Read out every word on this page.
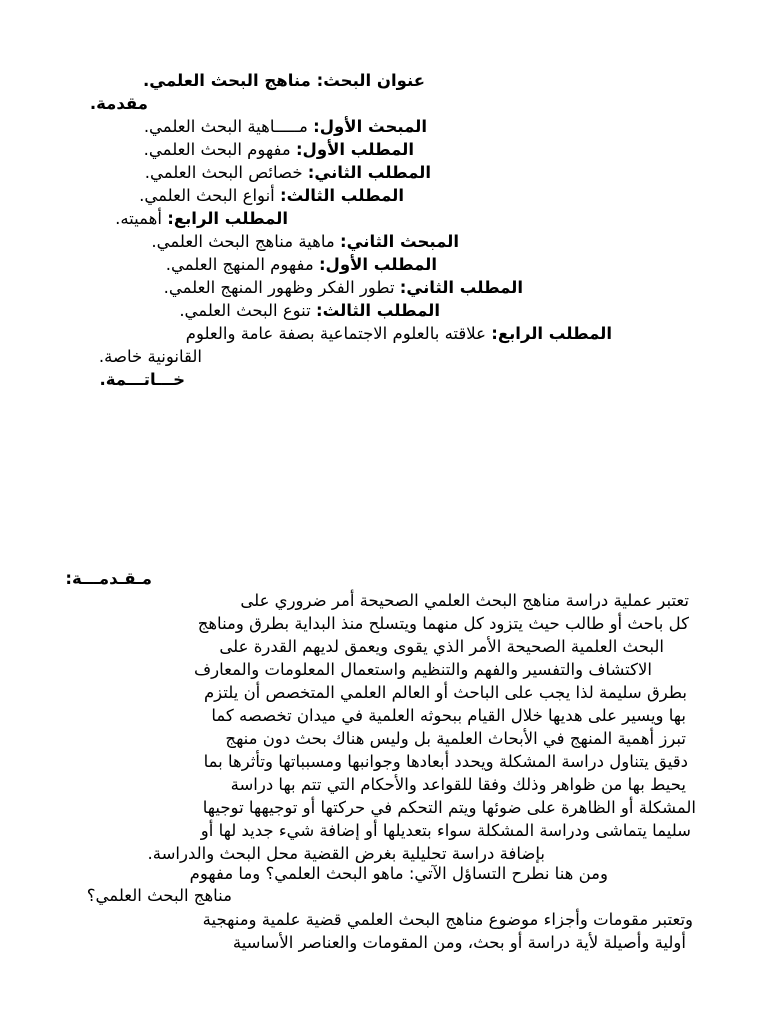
عنوان البحث: مناهج البحث العلمي.
مقدمة.
المبحث الأول: مـــــاهية البحث العلمي.
المطلب الأول: مفهوم البحث العلمي.
المطلب الثاني: خصائص البحث العلمي.
المطلب الثالث: أنواع البحث العلمي.
المطلب الرابع: أهميته.
المبحث الثاني: ماهية مناهج البحث العلمي.
المطلب الأول: مفهوم المنهج العلمي.
المطلب الثاني: تطور الفكر وظهور المنهج العلمي.
المطلب الثالث: تنوع البحث العلمي.
المطلب الرابع: علاقته بالعلوم الاجتماعية بصفة عامة والعلوم
القانونية خاصة.
خـــاتـــمة.
مـقـدمـــة:
تعتبر عملية دراسة مناهج البحث العلمي الصحيحة أمر ضروري على
كل باحث أو طالب حيث يتزود كل منهما ويتسلح منذ البداية بطرق ومناهج
البحث العلمية الصحيحة الأمر الذي يقوى ويعمق لديهم القدرة على
الاكتشاف والتفسير والفهم والتنظيم واستعمال المعلومات والمعارف
بطرق سليمة لذا يجب على الباحث أو العالم العلمي المتخصص أن يلتزم
بها ويسير على هديها خلال القيام ببحوثه العلمية في ميدان تخصصه كما
تبرز أهمية المنهج في الأبحاث العلمية بل وليس هناك بحث دون منهج
دقيق يتناول دراسة المشكلة ويحدد أبعادها وجوانبها ومسبباتها وتأثرها بما
يحيط بها من ظواهر وذلك وفقا للقواعد والأحكام التي تتم بها دراسة
المشكلة أو الظاهرة على ضوئها ويتم التحكم في حركتها أو توجيهها توجيها
سليما يتماشى ودراسة المشكلة سواء بتعديلها أو إضافة شيء جديد لها أو
بإضافة دراسة تحليلية بغرض القضية محل البحث والدراسة.
ومن هنا نطرح التساؤل الآتي: ماهو البحث العلمي؟ وما مفهوم
مناهج البحث العلمي؟
وتعتبر مقومات وأجزاء موضوع مناهج البحث العلمي قضية علمية ومنهجية
أولية وأصيلة لأية دراسة أو بحث، ومن المقومات والعناصر الأساسية
